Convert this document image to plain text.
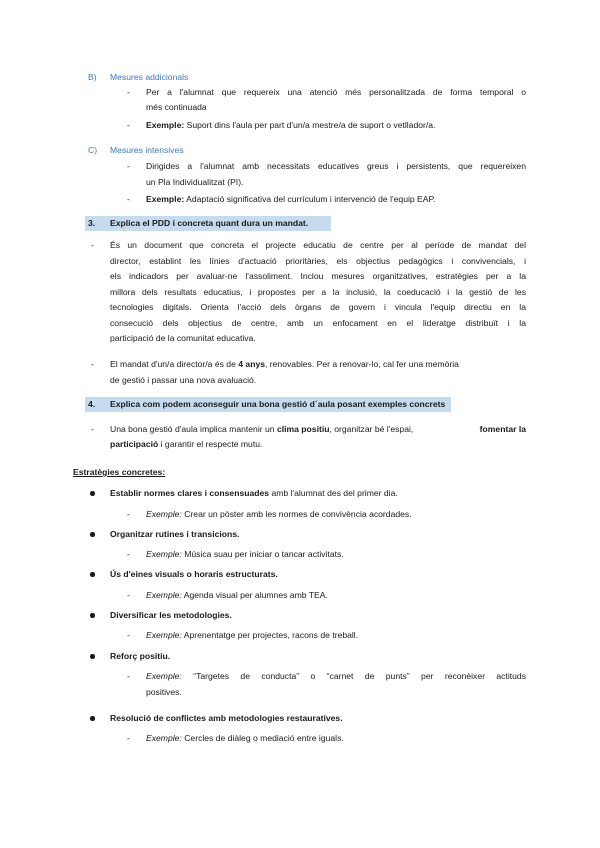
B) Mesures addicionals
- Per a l'alumnat que requereix una atenció més personalitzada de forma temporal o
més continuada
- Exemple: Suport dins l'aula per part d'un/a mestre/a de suport o vetllador/a.
C) Mesures intensives
- Dirigides a l'alumnat amb necessitats educatives greus i persistents, que requereixen
un Pla Individualitzat (PI).
- Exemple: Adaptació significativa del currículum i intervenció de l'equip EAP.
3. Explica el PDD i concreta quant dura un mandat.
- És un document que concreta el projecte educatiu de centre per al període de mandat del
director, establint les línies d'actuació prioritàries, els objectius pedagògics i convivencials, i
els indicadors per avaluar-ne l'assoliment. Inclou mesures organitzatives, estratègies per a la
millora dels resultats educatius, i propostes per a la inclusió, la coeducació i la gestió de les
tecnologies digitals. Orienta l'acció dels òrgans de govern i vincula l'equip directiu en la
consecució dels objectius de centre, amb un enfocament en el lideratge distribuït i la
participació de la comunitat educativa.
- El mandat d'un/a director/a és de 4 anys, renovables. Per a renovar-lo, cal fer una memòria
de gestió i passar una nova avaluació.
4. Explica com podem aconseguir una bona gestió d´aula posant exemples concrets
- Una bona gestió d'aula implica mantenir un clima positiu, organitzar bé l'espai,	fomentar la
participació i garantir el respecte mutu.
Estratègies concretes:
Establir normes clares i consensuades amb l'alumnat des del primer dia.
- Exemple: Crear un pòster amb les normes de convivència acordades.
Organitzar rutines i transicions.
- Exemple: Música suau per iniciar o tancar activitats.
Ús d'eines visuals o horaris estructurats.
- Exemple: Agenda visual per alumnes amb TEA.
Diversificar les metodologies.
- Exemple: Aprenentatge per projectes, racons de treball.
Reforç positiu.
- Exemple: “Targetes de conducta” o “carnet de punts” per reconèixer actituds
positives.
Resolució de conflictes amb metodologies restauratives.
- Exemple: Cercles de diàleg o mediació entre iguals.
